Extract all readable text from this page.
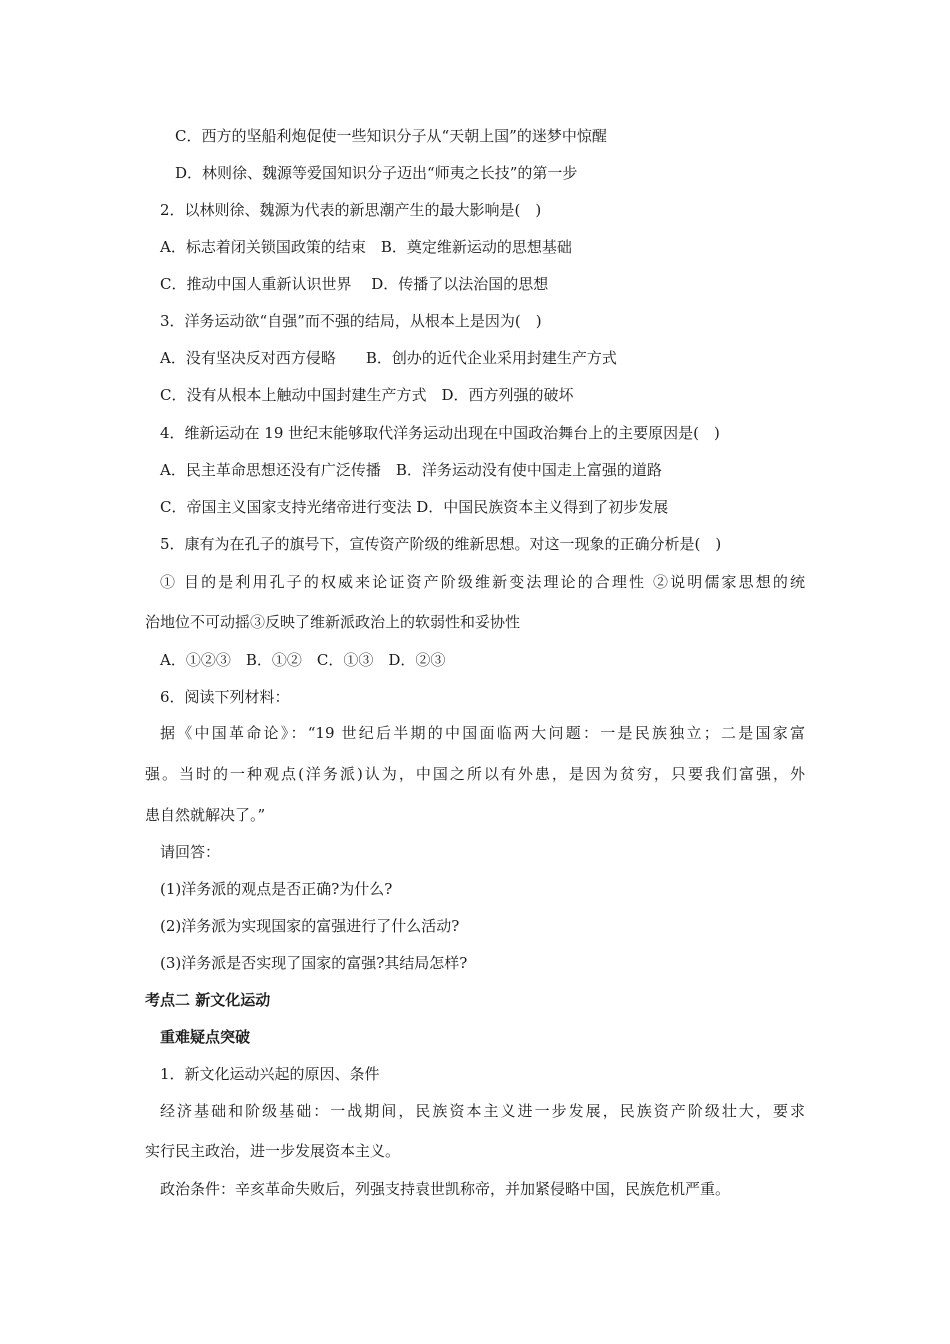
C．西方的坚船利炮促使一些知识分子从“天朝上国”的迷梦中惊醒
D．林则徐、魏源等爱国知识分子迈出“师夷之长技”的第一步
2．以林则徐、魏源为代表的新思潮产生的最大影响是(　)
A．标志着闭关锁国政策的结束　B．奠定维新运动的思想基础
C．推动中国人重新认识世界　 D．传播了以法治国的思想
3．洋务运动欲“自强”而不强的结局，从根本上是因为(　)
A．没有坚决反对西方侵略　　B．创办的近代企业采用封建生产方式
C．没有从根本上触动中国封建生产方式　D．西方列强的破坏
4．维新运动在 19 世纪末能够取代洋务运动出现在中国政治舞台上的主要原因是(　)
A．民主革命思想还没有广泛传播　B．洋务运动没有使中国走上富强的道路
C．帝国主义国家支持光绪帝进行变法 D．中国民族资本主义得到了初步发展
5．康有为在孔子的旗号下，宣传资产阶级的维新思想。对这一现象的正确分析是(　)
① 目的是利用孔子的权威来论证资产阶级维新变法理论的合理性 ②说明儒家思想的统
治地位不可动摇③反映了维新派政治上的软弱性和妥协性
A．①②③　B．①②　C．①③　D．②③
6．阅读下列材料：
据《中国革命论》：“19 世纪后半期的中国面临两大问题：一是民族独立；二是国家富
强。当时的一种观点(洋务派)认为，中国之所以有外患，是因为贫穷，只要我们富强，外
患自然就解决了。”
请回答：
(1)洋务派的观点是否正确?为什么?
(2)洋务派为实现国家的富强进行了什么活动?
(3)洋务派是否实现了国家的富强?其结局怎样?
考点二 新文化运动
重难疑点突破
1．新文化运动兴起的原因、条件
经济基础和阶级基础：一战期间，民族资本主义进一步发展，民族资产阶级壮大，要求
实行民主政治，进一步发展资本主义。
政治条件：辛亥革命失败后，列强支持袁世凯称帝，并加紧侵略中国，民族危机严重。
